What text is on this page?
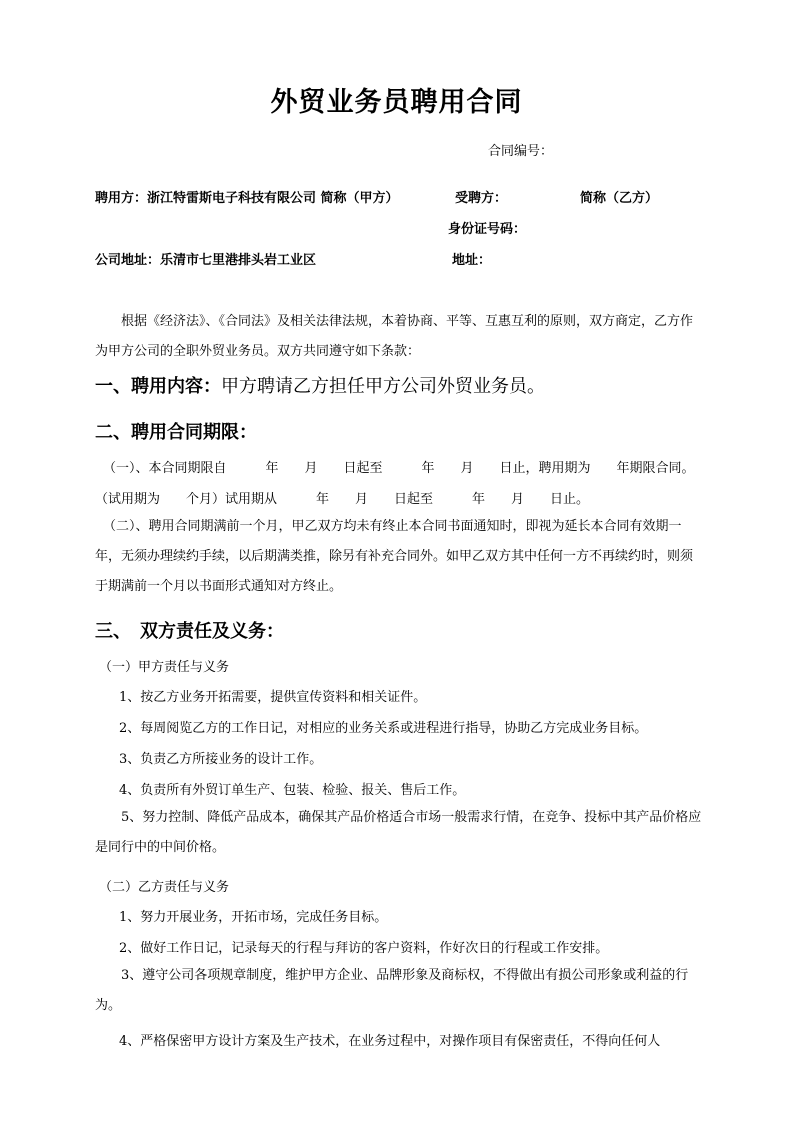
外贸业务员聘用合同
合同编号：
聘用方：浙江特雷斯电子科技有限公司 简称（甲方）	受聘方：	简称（乙方）
身份证号码：
公司地址：乐清市七里港排头岩工业区	地址：
根据《经济法》、《合同法》及相关法律法规，本着协商、平等、互惠互利的原则，双方商定，乙方作为甲方公司的全职外贸业务员。双方共同遵守如下条款：
一、聘用内容：甲方聘请乙方担任甲方公司外贸业务员。
二、聘用合同期限：
（一）、本合同期限自　　　年　　月　　日起至　　　年　　月　　日止，聘用期为　　年期限合同。
（试用期为　　个月）试用期从　　　年　　月　　日起至　　　年　　月　　日止。
（二）、聘用合同期满前一个月，甲乙双方均未有终止本合同书面通知时，即视为延长本合同有效期一年，无须办理续约手续，以后期满类推，除另有补充合同外。如甲乙双方其中任何一方不再续约时，则须于期满前一个月以书面形式通知对方终止。
三、　双方责任及义务：
（一）甲方责任与义务
1、按乙方业务开拓需要，提供宣传资料和相关证件。
2、每周阅览乙方的工作日记，对相应的业务关系或进程进行指导，协助乙方完成业务目标。
3、负责乙方所接业务的设计工作。
4、负责所有外贸订单生产、包装、检验、报关、售后工作。
5、努力控制、降低产品成本，确保其产品价格适合市场一般需求行情，在竞争、投标中其产品价格应是同行中的中间价格。
（二）乙方责任与义务
1、努力开展业务，开拓市场，完成任务目标。
2、做好工作日记，记录每天的行程与拜访的客户资料，作好次日的行程或工作安排。
3、遵守公司各项规章制度，维护甲方企业、品牌形象及商标权，不得做出有损公司形象或利益的行为。
4、严格保密甲方设计方案及生产技术，在业务过程中，对操作项目有保密责任，不得向任何人
